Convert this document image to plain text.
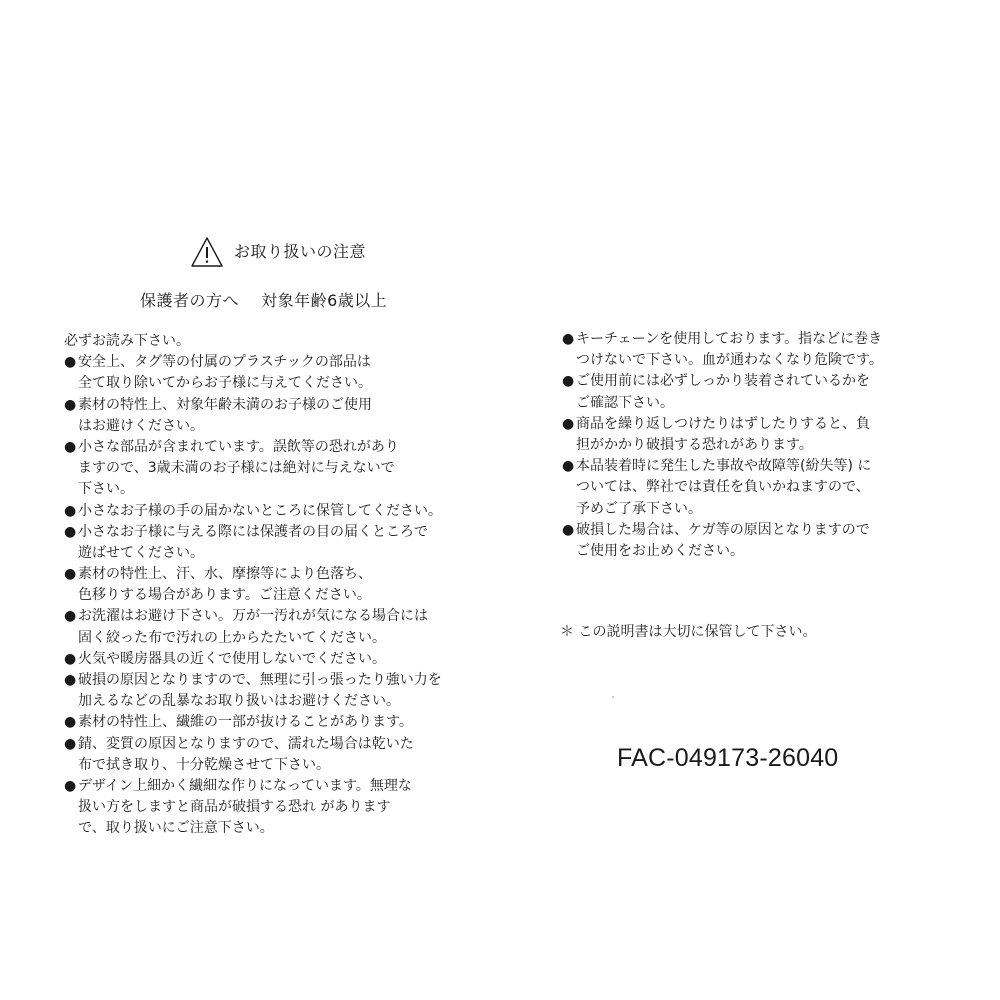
お取り扱いの注意
保護者の方へ　 対象年齢6歳以上
必ずお読み下さい。
● 安全上、タグ等の付属のプラスチックの部品は
全て取り除いてからお子様に与えてください。
● 素材の特性上、対象年齢未満のお子様のご使用
はお避けください。
● 小さな部品が含まれています。誤飲等の恐れがあり
ますので、3歳未満のお子様には絶対に与えないで
下さい。
● 小さなお子様の手の届かないところに保管してください。
● 小さなお子様に与える際には保護者の目の届くところで
遊ばせてください。
● 素材の特性上、汗、水、摩擦等により色落ち、
色移りする場合があります。ご注意ください。
● お洗濯はお避け下さい。万が一汚れが気になる場合には
固く絞った布で汚れの上からたたいてください。
● 火気や暖房器具の近くで使用しないでください。
● 破損の原因となりますので、無理に引っ張ったり強い力を
加えるなどの乱暴なお取り扱いはお避けください。
● 素材の特性上、繊維の一部が抜けることがあります。
● 錆、変質の原因となりますので、濡れた場合は乾いた
布で拭き取り、十分乾燥させて下さい。
● デザイン上細かく繊細な作りになっています。無理な
扱い方をしますと商品が破損する恐れ があります
で、取り扱いにご注意下さい。
● キーチェーンを使用しております。指などに巻き
つけないで下さい。血が通わなくなり危険です。
● ご使用前には必ずしっかり装着されているかを
ご確認下さい。
● 商品を繰り返しつけたりはずしたりすると、負
担がかかり破損する恐れがあります。
● 本品装着時に発生した事故や故障等(紛失等) に
ついては、弊社では責任を負いかねますので、
予めご了承下さい。
● 破損した場合は、ケガ等の原因となりますので
ご使用をお止めください。
＊ この説明書は大切に保管して下さい。
FAC-049173-26040
